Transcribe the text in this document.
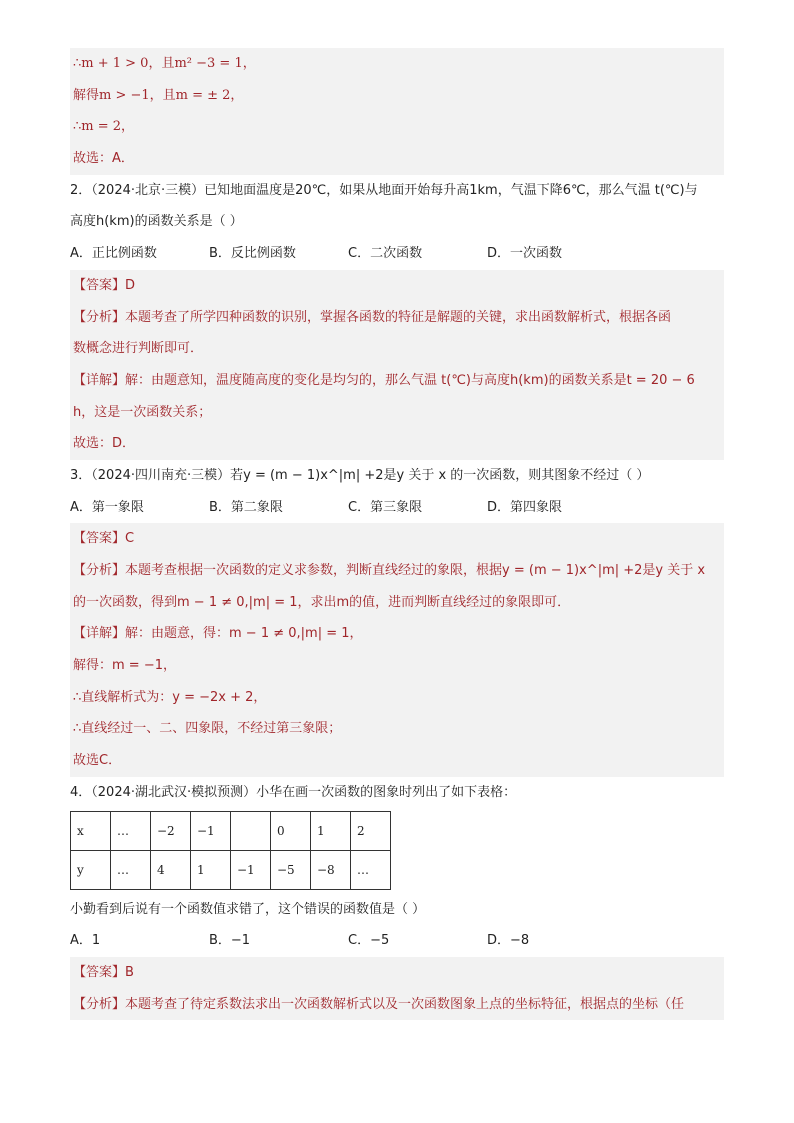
∴m + 1 > 0，且m² −3 = 1，
解得m > −1，且m = ± 2，
∴m = 2，
故选：A．
2．（2024·北京·三模）已知地面温度是20℃，如果从地面开始每升高1km，气温下降6℃，那么气温 t(℃)与
高度h(km)的函数关系是（ ）
A．正比例函数	B．反比例函数	C．二次函数	D．一次函数
【答案】D
【分析】本题考查了所学四种函数的识别，掌握各函数的特征是解题的关键，求出函数解析式，根据各函
数概念进行判断即可．
【详解】解：由题意知，温度随高度的变化是均匀的，那么气温 t(℃)与高度h(km)的函数关系是t = 20 − 6
h，这是一次函数关系；
故选：D．
3．（2024·四川南充·三模）若y = (m − 1)x^|m| +2是y 关于 x 的一次函数，则其图象不经过（ ）
A．第一象限	B．第二象限	C．第三象限	D．第四象限
【答案】C
【分析】本题考查根据一次函数的定义求参数，判断直线经过的象限，根据y = (m − 1)x^|m| +2是y 关于 x
的一次函数，得到m − 1 ≠ 0,|m| = 1，求出m的值，进而判断直线经过的象限即可．
【详解】解：由题意，得：m − 1 ≠ 0,|m| = 1，
解得：m = −1，
∴直线解析式为：y = −2x + 2，
∴直线经过一、二、四象限，不经过第三象限；
故选C．
4．（2024·湖北武汉·模拟预测）小华在画一次函数的图象时列出了如下表格：
x	…	−2	−1		0	1	2
y	…	4	1	−1	−5	−8	…
小勤看到后说有一个函数值求错了，这个错误的函数值是（ ）
A．1	B．−1	C．−5	D．−8
【答案】B
【分析】本题考查了待定系数法求出一次函数解析式以及一次函数图象上点的坐标特征，根据点的坐标（任
